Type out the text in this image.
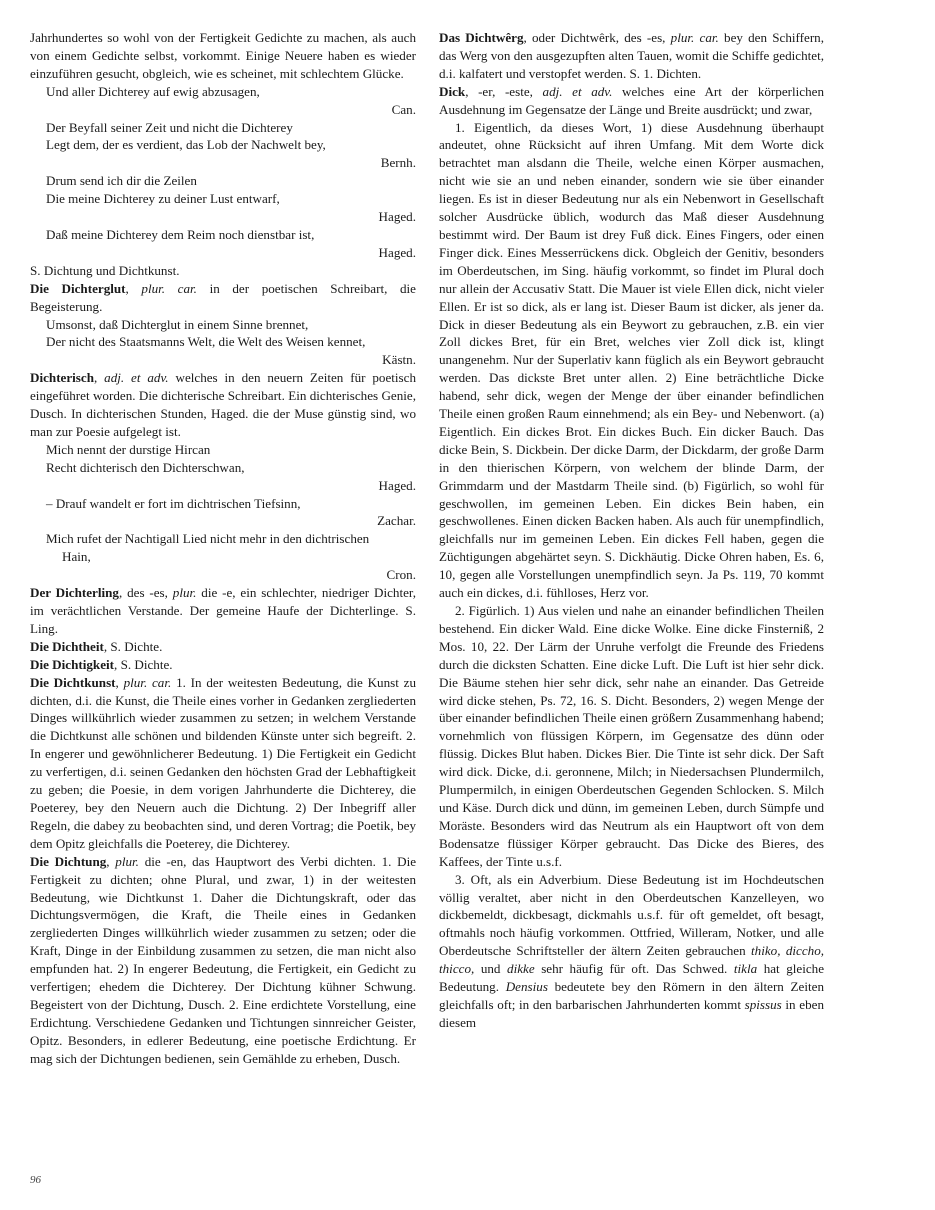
Jahrhundertes so wohl von der Fertigkeit Gedichte zu machen, als auch von einem Gedichte selbst, vorkommt. Einige Neuere haben es wieder einzuführen gesucht, obgleich, wie es scheinet, mit schlechtem Glücke.

Und aller Dichterey auf ewig abzusagen,

Can.

Der Beyfall seiner Zeit und nicht die Dichterey

Legt dem, der es verdient, das Lob der Nachwelt bey,

Bernh.

Drum send ich dir die Zeilen

Die meine Dichterey zu deiner Lust entwarf,

Haged.

Daß meine Dichterey dem Reim noch dienstbar ist,

Haged.

S. Dichtung und Dichtkunst.

Die Dichterglut, plur. car. in der poetischen Schreibart, die Begeisterung.

Umsonst, daß Dichterglut in einem Sinne brennet,

Der nicht des Staatsmanns Welt, die Welt des Weisen kennet,

Kästn.

Dichterisch, adj. et adv. welches in den neuern Zeiten für poetisch eingeführet worden. Die dichterische Schreibart. Ein dichterisches Genie, Dusch. In dichterischen Stunden, Haged. die der Muse günstig sind, wo man zur Poesie aufgelegt ist.

Mich nennt der durstige Hircan

Recht dichterisch den Dichterschwan,

Haged.

– Drauf wandelt er fort im dichtrischen Tiefsinn,

Zachar.

Mich rufet der Nachtigall Lied nicht mehr in den dichtrischen
Hain,

Cron.

Der Dichterling, des -es, plur. die -e, ein schlechter, niedriger Dichter, im verächtlichen Verstande. Der gemeine Haufe der Dichterlinge. S. Ling.

Die Dichtheit, S. Dichte.

Die Dichtigkeit, S. Dichte.

Die Dichtkunst, plur. car. 1. In der weitesten Bedeutung, die Kunst zu dichten, d.i. die Kunst, die Theile eines vorher in Gedanken zergliederten Dinges willkührlich wieder zusammen zu setzen; in welchem Verstande die Dichtkunst alle schönen und bildenden Künste unter sich begreift. 2. In engerer und gewöhnlicherer Bedeutung. 1) Die Fertigkeit ein Gedicht zu verfertigen, d.i. seinen Gedanken den höchsten Grad der Lebhaftigkeit zu geben; die Poesie, in dem vorigen Jahrhunderte die Dichterey, die Poeterey, bey den Neuern auch die Dichtung. 2) Der Inbegriff aller Regeln, die dabey zu beobachten sind, und deren Vortrag; die Poetik, bey dem Opitz gleichfalls die Poeterey, die Dichterey.

Die Dichtung, plur. die -en, das Hauptwort des Verbi dichten. 1. Die Fertigkeit zu dichten; ohne Plural, und zwar, 1) in der weitesten Bedeutung, wie Dichtkunst 1. Daher die Dichtungskraft, oder das Dichtungsvermögen, die Kraft, die Theile eines in Gedanken zergliederten Dinges willkührlich wieder zusammen zu setzen; oder die Kraft, Dinge in der Einbildung zusammen zu setzen, die man nicht also empfunden hat. 2) In engerer Bedeutung, die Fertigkeit, ein Gedicht zu verfertigen; ehedem die Dichterey. Der Dichtung kühner Schwung. Begeistert von der Dichtung, Dusch. 2. Eine erdichtete Vorstellung, eine Erdichtung. Verschiedene Gedanken und Tichtungen sinnreicher Geister, Opitz. Besonders, in edlerer Bedeutung, eine poetische Erdichtung. Er mag sich der Dichtungen bedienen, sein Gemählde zu erheben, Dusch.

Das Dichtwêrg, oder Dichtwêrk, des -es, plur. car. bey den Schiffern, das Werg von den ausgezupften alten Tauen, womit die Schiffe gedichtet, d.i. kalfatert und verstopfet werden. S. 1. Dichten.

Dick, -er, -este, adj. et adv. welches eine Art der körperlichen Ausdehnung im Gegensatze der Länge und Breite ausdrückt; und zwar,

1. Eigentlich, da dieses Wort, 1) diese Ausdehnung überhaupt andeutet, ohne Rücksicht auf ihren Umfang. Mit dem Worte dick betrachtet man alsdann die Theile, welche einen Körper ausmachen, nicht wie sie an und neben einander, sondern wie sie über einander liegen. Es ist in dieser Bedeutung nur als ein Nebenwort in Gesellschaft solcher Ausdrücke üblich, wodurch das Maß dieser Ausdehnung bestimmt wird. Der Baum ist drey Fuß dick. Eines Fingers, oder einen Finger dick. Eines Messerrückens dick. Obgleich der Genitiv, besonders im Oberdeutschen, im Sing. häufig vorkommt, so findet im Plural doch nur allein der Accusativ Statt. Die Mauer ist viele Ellen dick, nicht vieler Ellen. Er ist so dick, als er lang ist. Dieser Baum ist dicker, als jener da. Dick in dieser Bedeutung als ein Beywort zu gebrauchen, z.B. ein vier Zoll dickes Bret, für ein Bret, welches vier Zoll dick ist, klingt unangenehm. Nur der Superlativ kann füglich als ein Beywort gebraucht werden. Das dickste Bret unter allen. 2) Eine beträchtliche Dicke habend, sehr dick, wegen der Menge der über einander befindlichen Theile einen großen Raum einnehmend; als ein Bey- und Nebenwort. (a) Eigentlich. Ein dickes Brot. Ein dickes Buch. Ein dicker Bauch. Das dicke Bein, S. Dickbein. Der dicke Darm, der Dickdarm, der große Darm in den thierischen Körpern, von welchem der blinde Darm, der Grimmdarm und der Mastdarm Theile sind. (b) Figürlich, so wohl für geschwollen, im gemeinen Leben. Ein dickes Bein haben, ein geschwollenes. Einen dicken Backen haben. Als auch für unempfindlich, gleichfalls nur im gemeinen Leben. Ein dickes Fell haben, gegen die Züchtigungen abgehärtet seyn. S. Dickhäutig. Dicke Ohren haben, Es. 6, 10, gegen alle Vorstellungen unempfindlich seyn. Ja Ps. 119, 70 kommt auch ein dickes, d.i. fühlloses, Herz vor.

2. Figürlich. 1) Aus vielen und nahe an einander befindlichen Theilen bestehend. Ein dicker Wald. Eine dicke Wolke. Eine dicke Finsterniß, 2 Mos. 10, 22. Der Lärm der Unruhe verfolgt die Freunde des Friedens durch die dicksten Schatten. Eine dicke Luft. Die Luft ist hier sehr dick. Die Bäume stehen hier sehr dick, sehr nahe an einander. Das Getreide wird dicke stehen, Ps. 72, 16. S. Dicht. Besonders, 2) wegen Menge der über einander befindlichen Theile einen größern Zusammenhang habend; vornehmlich von flüssigen Körpern, im Gegensatze des dünn oder flüssig. Dickes Blut haben. Dickes Bier. Die Tinte ist sehr dick. Der Saft wird dick. Dicke, d.i. geronnene, Milch; in Niedersachsen Plundermilch, Plumpermilch, in einigen Oberdeutschen Gegenden Schlocken. S. Milch und Käse. Durch dick und dünn, im gemeinen Leben, durch Sümpfe und Moräste. Besonders wird das Neutrum als ein Hauptwort oft von dem Bodensatze flüssiger Körper gebraucht. Das Dicke des Bieres, des Kaffees, der Tinte u.s.f.

3. Oft, als ein Adverbium. Diese Bedeutung ist im Hochdeutschen völlig veraltet, aber nicht in den Oberdeutschen Kanzelleyen, wo dickbemeldt, dickbesagt, dickmahls u.s.f. für oft gemeldet, oft besagt, oftmahls noch häufig vorkommen. Ottfried, Willeram, Notker, und alle Oberdeutsche Schriftsteller der ältern Zeiten gebrauchen thiko, diccho, thicco, und dikke sehr häufig für oft. Das Schwed. tikla hat gleiche Bedeutung. Densius bedeutete bey den Römern in den ältern Zeiten gleichfalls oft; in den barbarischen Jahrhunderten kommt spissus in eben diesem

96
